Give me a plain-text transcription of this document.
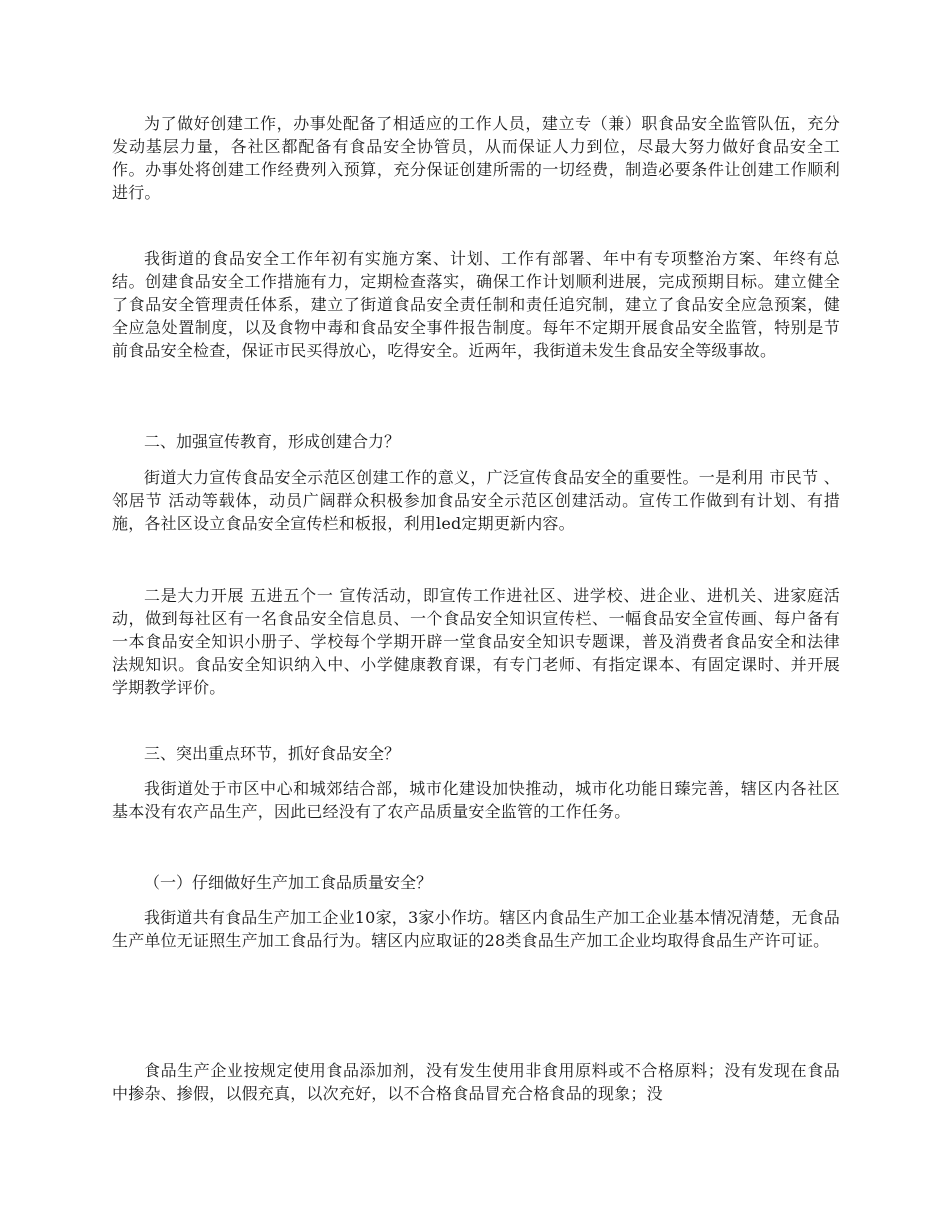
为了做好创建工作，办事处配备了相适应的工作人员，建立专（兼）职食品安全监管队伍，充分发动基层力量，各社区都配备有食品安全协管员，从而保证人力到位，尽最大努力做好食品安全工作。办事处将创建工作经费列入预算，充分保证创建所需的一切经费，制造必要条件让创建工作顺利进行。

我街道的食品安全工作年初有实施方案、计划、工作有部署、年中有专项整治方案、年终有总结。创建食品安全工作措施有力，定期检查落实，确保工作计划顺利进展，完成预期目标。建立健全了食品安全管理责任体系，建立了街道食品安全责任制和责任追究制，建立了食品安全应急预案，健全应急处置制度，以及食物中毒和食品安全事件报告制度。每年不定期开展食品安全监管，特别是节前食品安全检查，保证市民买得放心，吃得安全。近两年，我街道未发生食品安全等级事故。

二、加强宣传教育，形成创建合力？

街道大力宣传食品安全示范区创建工作的意义，广泛宣传食品安全的重要性。一是利用 市民节 、邻居节 活动等载体，动员广阔群众积极参加食品安全示范区创建活动。宣传工作做到有计划、有措施，各社区设立食品安全宣传栏和板报，利用led定期更新内容。

二是大力开展 五进五个一 宣传活动，即宣传工作进社区、进学校、进企业、进机关、进家庭活动，做到每社区有一名食品安全信息员、一个食品安全知识宣传栏、一幅食品安全宣传画、每户备有一本食品安全知识小册子、学校每个学期开辟一堂食品安全知识专题课，普及消费者食品安全和法律法规知识。食品安全知识纳入中、小学健康教育课，有专门老师、有指定课本、有固定课时、并开展学期教学评价。

三、突出重点环节，抓好食品安全？

我街道处于市区中心和城郊结合部，城市化建设加快推动，城市化功能日臻完善，辖区内各社区基本没有农产品生产，因此已经没有了农产品质量安全监管的工作任务。

（一）仔细做好生产加工食品质量安全？

我街道共有食品生产加工企业10家，3家小作坊。辖区内食品生产加工企业基本情况清楚，无食品生产单位无证照生产加工食品行为。辖区内应取证的28类食品生产加工企业均取得食品生产许可证。

食品生产企业按规定使用食品添加剂，没有发生使用非食用原料或不合格原料；没有发现在食品中掺杂、掺假，以假充真，以次充好，以不合格食品冒充合格食品的现象；没
